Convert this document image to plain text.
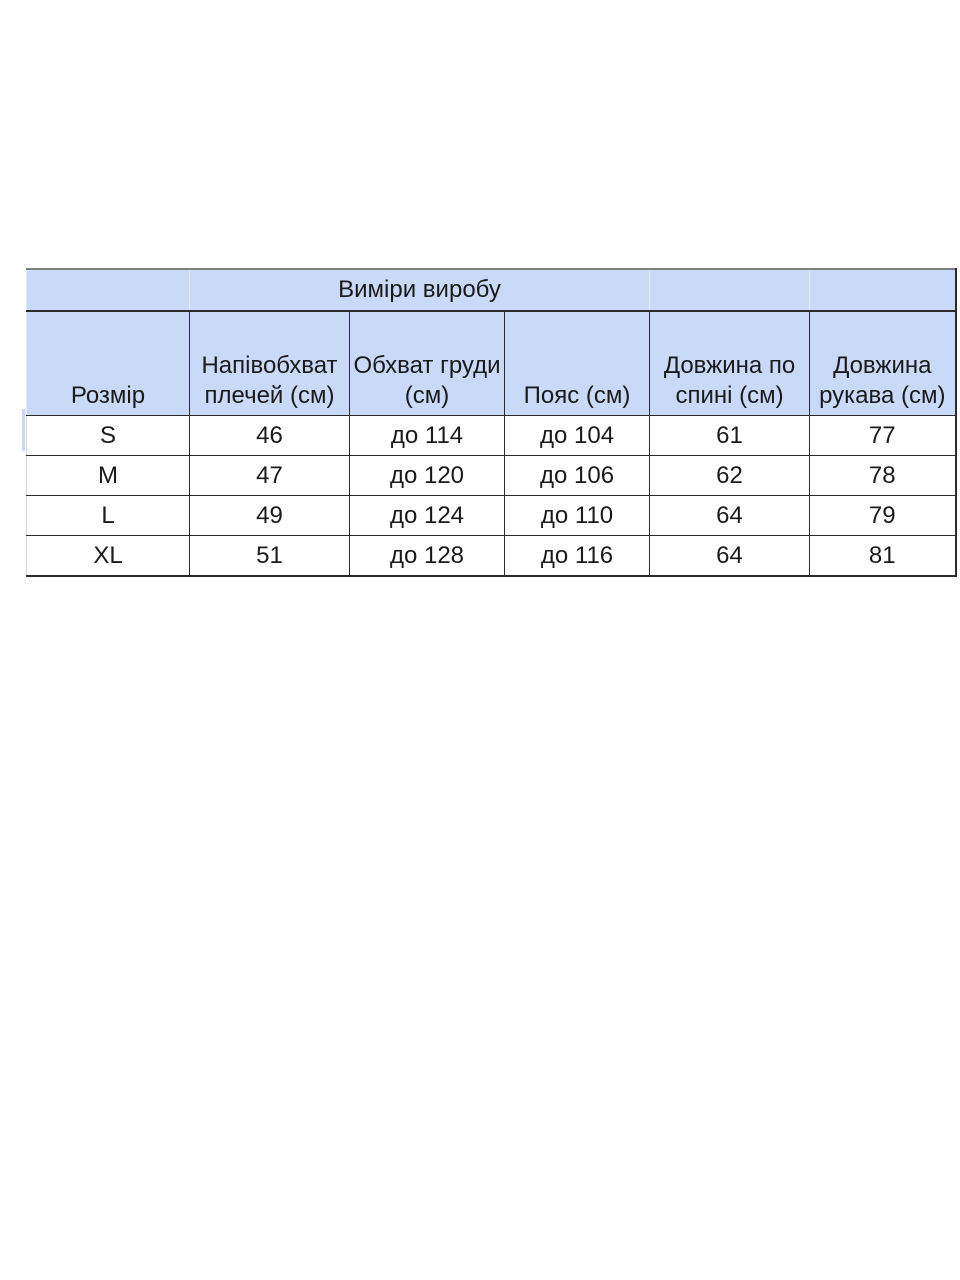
	Виміри виробу				
Розмір	Напівобхват плечей (см)	Обхват груди (см)	Пояс (см)	Довжина по спині (см)	Довжина рукава (см)
S	46	до 114	до 104	61	77
M	47	до 120	до 106	62	78
L	49	до 124	до 110	64	79
XL	51	до 128	до 116	64	81
